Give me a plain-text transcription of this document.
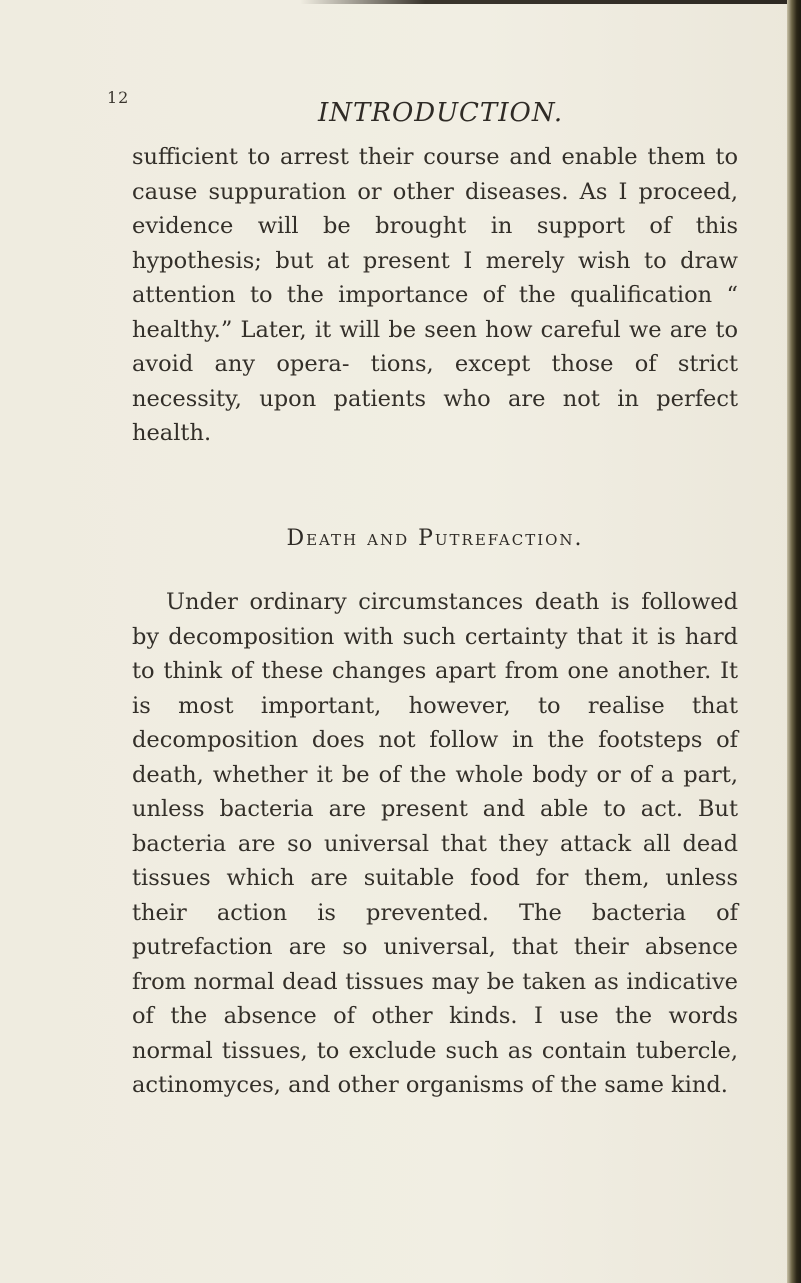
12
INTRODUCTION.

sufficient to arrest their course and enable them to cause suppuration or other diseases. As I proceed, evidence will be brought in support of this hypothesis; but at present I merely wish to draw attention to the importance of the qualification “ healthy.” Later, it will be seen how careful we are to avoid any opera- tions, except those of strict necessity, upon patients who are not in perfect health.

Death and Putrefaction.

Under ordinary circumstances death is followed by decomposition with such certainty that it is hard to think of these changes apart from one another. It is most important, however, to realise that decomposition does not follow in the footsteps of death, whether it be of the whole body or of a part, unless bacteria are present and able to act. But bacteria are so universal that they attack all dead tissues which are suitable food for them, unless their action is prevented. The bacteria of putrefaction are so universal, that their absence from normal dead tissues may be taken as indicative of the absence of other kinds. I use the words normal tissues, to exclude such as contain tubercle, actinomyces, and other organisms of the same kind.
